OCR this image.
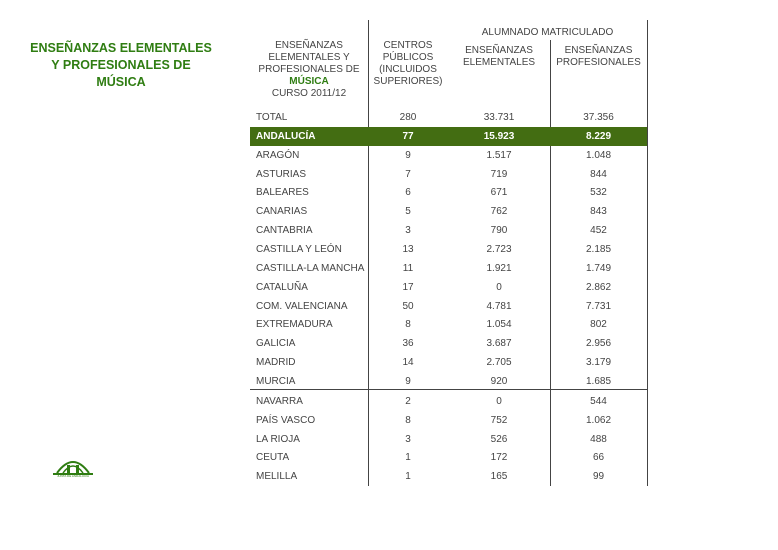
ENSEÑANZAS ELEMENTALES
Y PROFESIONALES DE
MÚSICA
JUNTA DE ANDALUCIA
ENSEÑANZAS
ELEMENTALES Y
PROFESIONALES DE
MÚSICA
CURSO 2011/12
CENTROS
PÚBLICOS
(INCLUIDOS
SUPERIORES)
ALUMNADO MATRICULADO
ENSEÑANZAS
ELEMENTALES
ENSEÑANZAS
PROFESIONALES
TOTAL	280	33.731	37.356
ANDALUCÍA	77	15.923	8.229
ARAGÓN	9	1.517	1.048
ASTURIAS	7	719	844
BALEARES	6	671	532
CANARIAS	5	762	843
CANTABRIA	3	790	452
CASTILLA Y LEÓN	13	2.723	2.185
CASTILLA-LA MANCHA	11	1.921	1.749
CATALUÑA	17	0	2.862
COM. VALENCIANA	50	4.781	7.731
EXTREMADURA	8	1.054	802
GALICIA	36	3.687	2.956
MADRID	14	2.705	3.179
MURCIA	9	920	1.685
NAVARRA	2	0	544
PAÍS VASCO	8	752	1.062
LA RIOJA	3	526	488
CEUTA	1	172	66
MELILLA	1	165	99
